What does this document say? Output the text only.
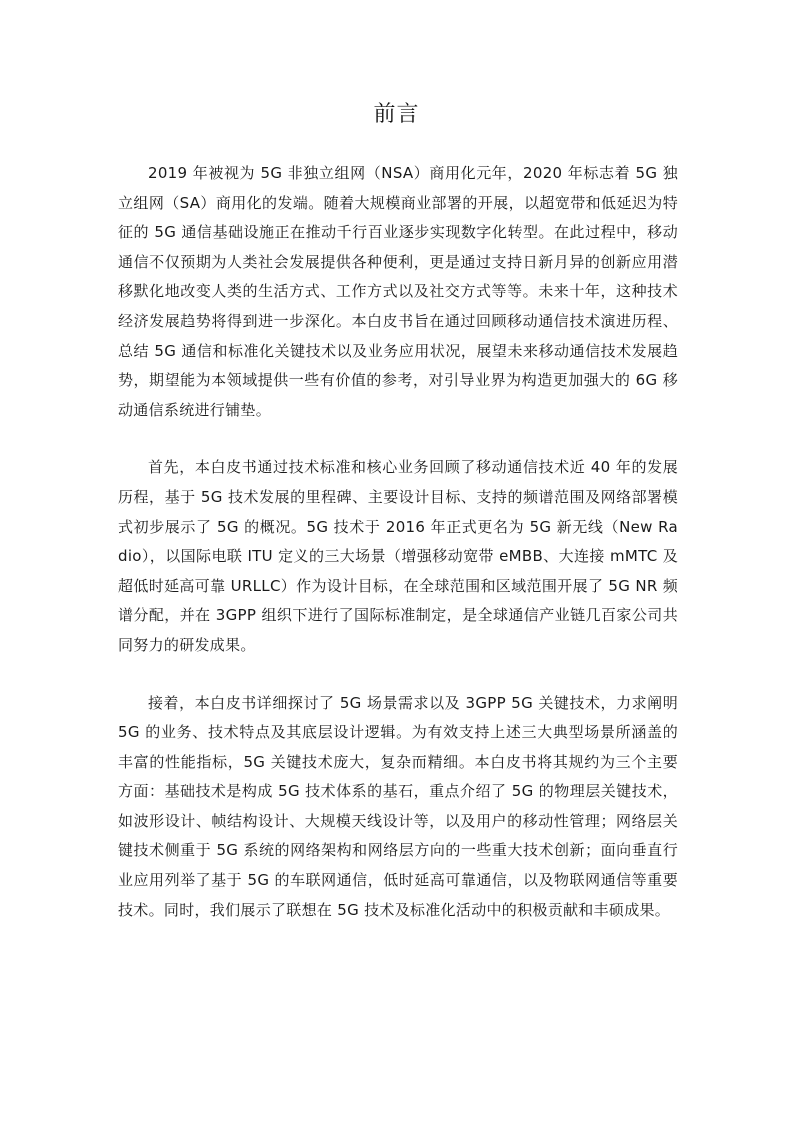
前言

2019 年被视为 5G 非独立组网（NSA）商用化元年，2020 年标志着 5G 独立组网（SA）商用化的发端。随着大规模商业部署的开展，以超宽带和低延迟为特征的 5G 通信基础设施正在推动千行百业逐步实现数字化转型。在此过程中，移动通信不仅预期为人类社会发展提供各种便利，更是通过支持日新月异的创新应用潜移默化地改变人类的生活方式、工作方式以及社交方式等等。未来十年，这种技术经济发展趋势将得到进一步深化。本白皮书旨在通过回顾移动通信技术演进历程、总结 5G 通信和标准化关键技术以及业务应用状况，展望未来移动通信技术发展趋势，期望能为本领域提供一些有价值的参考，对引导业界为构造更加强大的 6G 移动通信系统进行铺垫。

首先，本白皮书通过技术标准和核心业务回顾了移动通信技术近 40 年的发展历程，基于 5G 技术发展的里程碑、主要设计目标、支持的频谱范围及网络部署模式初步展示了 5G 的概况。5G 技术于 2016 年正式更名为 5G 新无线（New Radio），以国际电联 ITU 定义的三大场景（增强移动宽带 eMBB、大连接 mMTC 及超低时延高可靠 URLLC）作为设计目标，在全球范围和区域范围开展了 5G NR 频谱分配，并在 3GPP 组织下进行了国际标准制定，是全球通信产业链几百家公司共同努力的研发成果。

接着，本白皮书详细探讨了 5G 场景需求以及 3GPP 5G 关键技术，力求阐明 5G 的业务、技术特点及其底层设计逻辑。为有效支持上述三大典型场景所涵盖的丰富的性能指标，5G 关键技术庞大，复杂而精细。本白皮书将其规约为三个主要方面：基础技术是构成 5G 技术体系的基石，重点介绍了 5G 的物理层关键技术，如波形设计、帧结构设计、大规模天线设计等，以及用户的移动性管理；网络层关键技术侧重于 5G 系统的网络架构和网络层方向的一些重大技术创新；面向垂直行业应用列举了基于 5G 的车联网通信，低时延高可靠通信，以及物联网通信等重要技术。同时，我们展示了联想在 5G 技术及标准化活动中的积极贡献和丰硕成果。
